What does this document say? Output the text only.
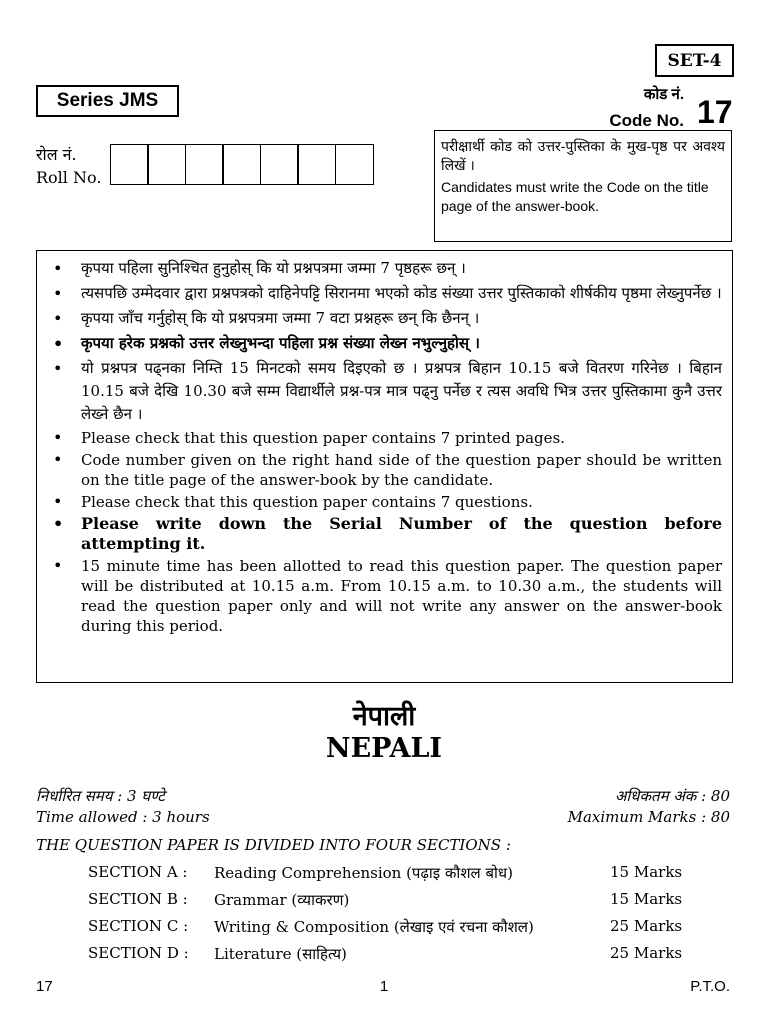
SET-4
Series JMS	कोड नं.
Code No. 17
रोल नं.
Roll No.
परीक्षार्थी कोड को उत्तर-पुस्तिका के मुख-पृष्ठ पर अवश्य लिखें ।
Candidates must write the Code on the title page of the answer-book.
• कृपया पहिला सुनिश्चित हुनुहोस् कि यो प्रश्नपत्रमा जम्मा 7 पृष्ठहरू छन् ।
• त्यसपछि उम्मेदवार द्वारा प्रश्नपत्रको दाहिनेपट्टि सिरानमा भएको कोड संख्या उत्तर पुस्तिकाको शीर्षकीय पृष्ठमा लेख्नुपर्नेछ ।
• कृपया जाँच गर्नुहोस् कि यो प्रश्नपत्रमा जम्मा 7 वटा प्रश्नहरू छन् कि छैनन् ।
• कृपया हरेक प्रश्नको उत्तर लेख्नुभन्दा पहिला प्रश्न संख्या लेख्न नभुल्नुहोस् ।
• यो प्रश्नपत्र पढ्नका निम्ति 15 मिनटको समय दिइएको छ । प्रश्नपत्र बिहान 10.15 बजे वितरण गरिनेछ । बिहान 10.15 बजे देखि 10.30 बजे सम्म विद्यार्थीले प्रश्न-पत्र मात्र पढ्नु पर्नेछ र त्यस अवधि भित्र उत्तर पुस्तिकामा कुनै उत्तर लेख्ने छैन ।
• Please check that this question paper contains 7 printed pages.
• Code number given on the right hand side of the question paper should be written on the title page of the answer-book by the candidate.
• Please check that this question paper contains 7 questions.
• Please write down the Serial Number of the question before attempting it.
• 15 minute time has been allotted to read this question paper. The question paper will be distributed at 10.15 a.m. From 10.15 a.m. to 10.30 a.m., the students will read the question paper only and will not write any answer on the answer-book during this period.
नेपाली
NEPALI
निर्धारित समय : 3 घण्टे
Time allowed : 3 hours
अधिकतम अंक : 80
Maximum Marks : 80
THE QUESTION PAPER IS DIVIDED INTO FOUR SECTIONS :
SECTION A :	Reading Comprehension (पढ़ाइ कौशल बोध)	15 Marks
SECTION B :	Grammar (व्याकरण)	15 Marks
SECTION C :	Writing & Composition (लेखाइ एवं रचना कौशल)	25 Marks
SECTION D :	Literature (साहित्य)	25 Marks
17	1	P.T.O.
